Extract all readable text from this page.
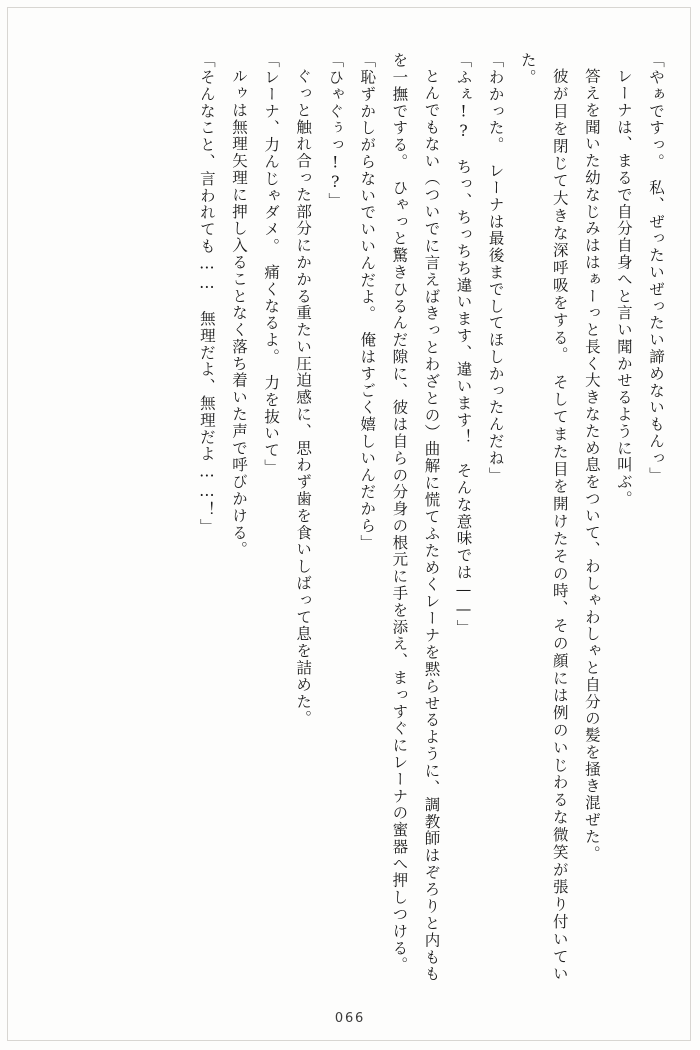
「やぁですっ。　私、ぜったいぜったい諦めないもんっ」

レーナは、まるで自分自身へと言い聞かせるように叫ぶ。

答えを聞いた幼なじみははぁーっと長く大きなため息をついて、わしゃわしゃと自分の髪を掻き混ぜた。

彼が目を閉じて大きな深呼吸をする。　そしてまた目を開けたその時、その顔には例のいじわるな微笑が張り付いていた。

「わかった。　レーナは最後までしてほしかったんだね」

「ふぇ!?　ちっ、ちっちち違います、違います！　そんな意味では——」

とんでもない（ついでに言えばきっとわざとの）曲解に慌てふためくレーナを黙らせるように、調教師はぞろりと内ももを一撫でする。　ひゃっと驚きひるんだ隙に、彼は自らの分身の根元に手を添え、まっすぐにレーナの蜜器へ押しつける。

「恥ずかしがらないでいいんだよ。　俺はすごく嬉しいんだから」

「ひゃぐぅっ!?」

ぐっと触れ合った部分にかかる重たい圧迫感に、思わず歯を食いしばって息を詰めた。

「レーナ、力んじゃダメ。　痛くなるよ。　力を抜いて」

ルゥは無理矢理に押し入ることなく落ち着いた声で呼びかける。

「そんなこと、言われても……　無理だよ、無理だよ……！」

066
